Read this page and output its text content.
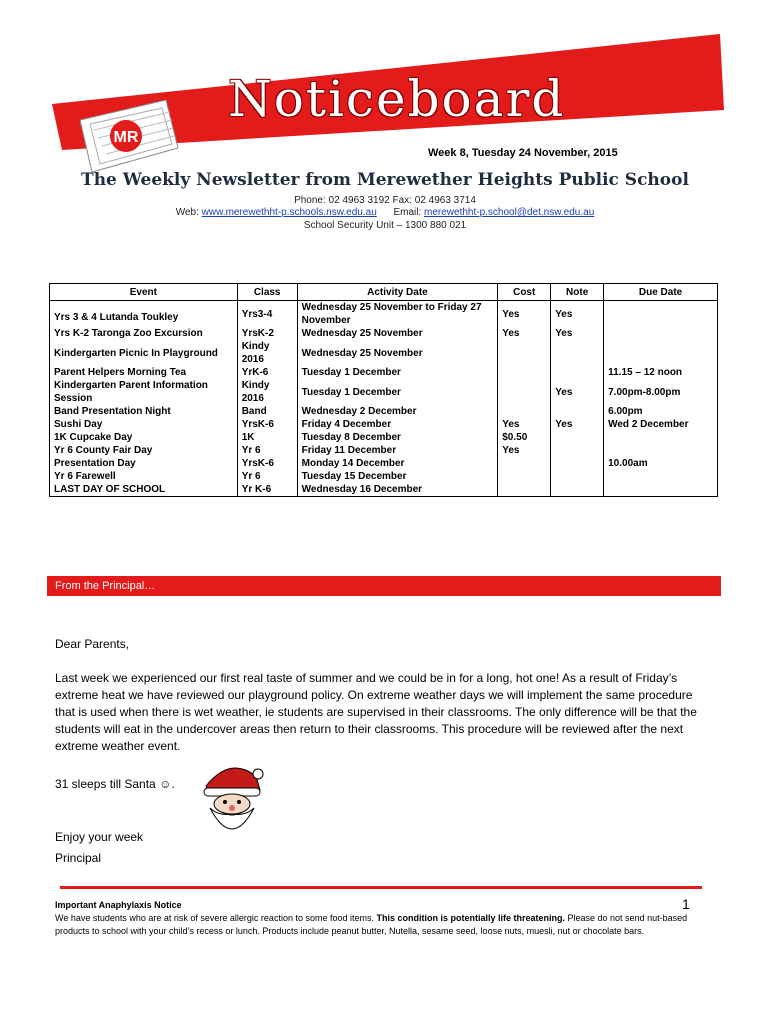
MR
Noticeboard
Week 8, Tuesday 24 November, 2015
The Weekly Newsletter from Merewether Heights Public School
Phone: 02 4963 3192 Fax: 02 4963 3714
Web: www.merewethht-p.schools.nsw.edu.au Email: merewethht-p.school@det.nsw.edu.au
School Security Unit – 1300 880 021
Event	Class	Activity Date	Cost	Note	Due Date
Yrs 3 & 4 Lutanda Toukley	Yrs3-4	Wednesday 25 November to Friday 27 November	Yes	Yes	
Yrs K-2 Taronga Zoo Excursion	YrsK-2	Wednesday 25 November	Yes	Yes	
Kindergarten Picnic In Playground	Kindy 2016	Wednesday 25 November			
Parent Helpers Morning Tea	YrK-6	Tuesday 1 December			11.15 – 12 noon
Kindergarten Parent Information Session	Kindy 2016	Tuesday 1 December		Yes	7.00pm-8.00pm
Band Presentation Night	Band	Wednesday 2 December			6.00pm
Sushi Day	YrsK-6	Friday 4 December	Yes	Yes	Wed 2 December
1K Cupcake Day	1K	Tuesday 8 December	$0.50		
Yr 6 County Fair Day	Yr 6	Friday 11 December	Yes		
Presentation Day	YrsK-6	Monday 14 December			10.00am
Yr 6 Farewell	Yr 6	Tuesday 15 December			
LAST DAY OF SCHOOL	Yr K-6	Wednesday 16 December			
From the Principal…
Dear Parents,
Last week we experienced our first real taste of summer and we could be in for a long, hot one! As a result of Friday’s extreme heat we have reviewed our playground policy. On extreme weather days we will implement the same procedure that is used when there is wet weather, ie students are supervised in their classrooms. The only difference will be that the students will eat in the undercover areas then return to their classrooms. This procedure will be reviewed after the next extreme weather event.
31 sleeps till Santa ☺.
Enjoy your week
Principal
Important Anaphylaxis Notice	1
We have students who are at risk of severe allergic reaction to some food items. This condition is potentially life threatening. Please do not send nut-based products to school with your child’s recess or lunch. Products include peanut butter, Nutella, sesame seed, loose nuts, muesli, nut or chocolate bars.
